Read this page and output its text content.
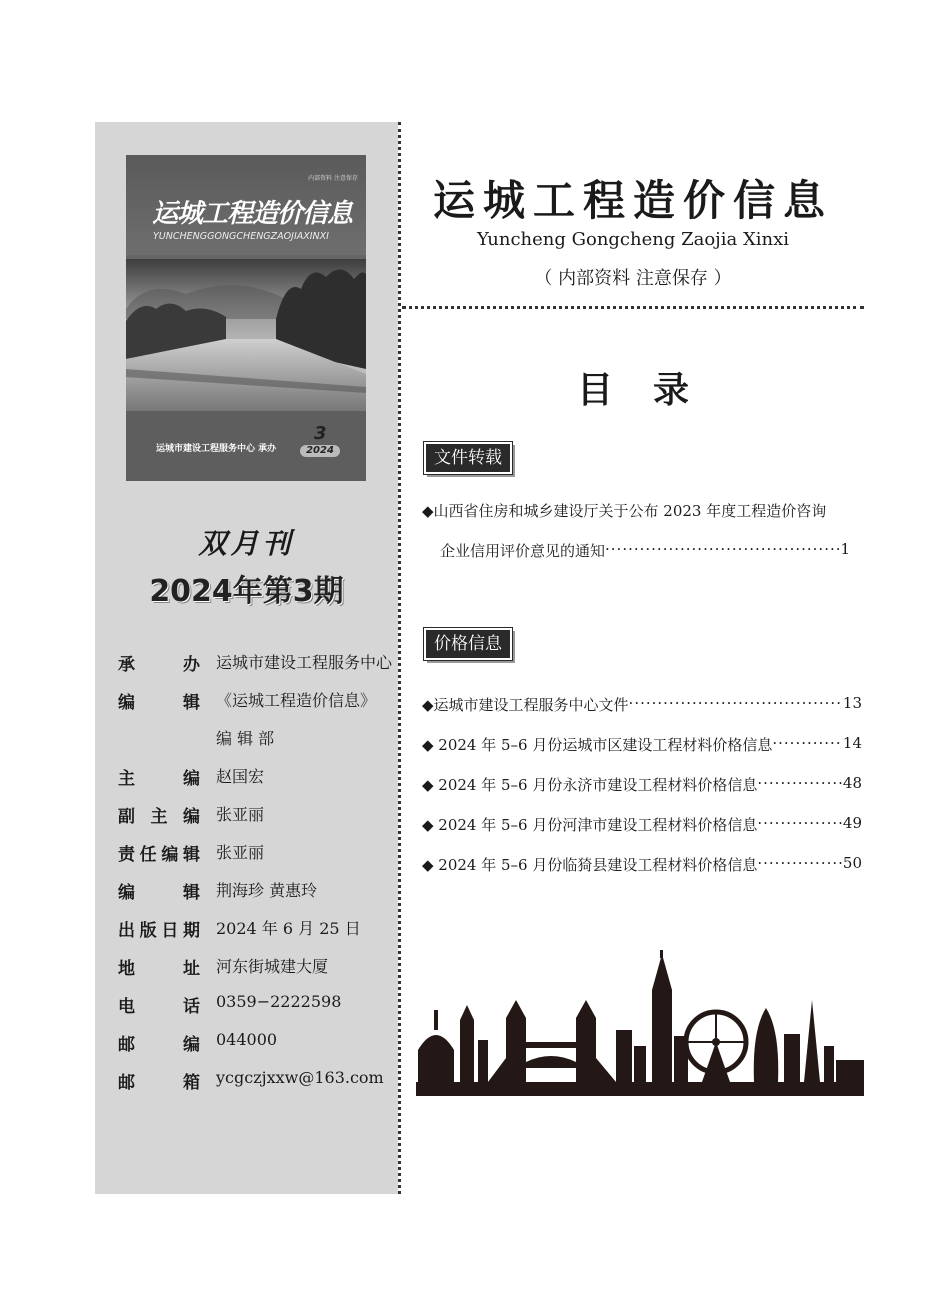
内部资料 注意保存
运城工程造价信息
YUNCHENGGONGCHENGZAOJIAXINXI
运城市建设工程服务中心 承办
3
2024
双月刊
2024年第3期
承办 运城市建设工程服务中心
编辑 《运城工程造价信息》
编 辑 部
主编 赵国宏
副主编 张亚丽
责任编辑 张亚丽
编辑 荆海珍 黄惠玲
出版日期 2024 年 6 月 25 日
地址 河东街城建大厦
电话 0359−2222598
邮编 044000
邮箱 ycgczjxxw@163.com
运城工程造价信息
Yuncheng Gongcheng Zaojia Xinxi
（ 内部资料 注意保存 ）
目录
文件转载
◆山西省住房和城乡建设厅关于公布 2023 年度工程造价咨询
企业信用评价意见的通知 ·····	1
价格信息
◆运城市建设工程服务中心文件 ·····	13
◆ 2024 年 5–6 月份运城市区建设工程材料价格信息 ·····	14
◆ 2024 年 5–6 月份永济市建设工程材料价格信息 ·····	48
◆ 2024 年 5–6 月份河津市建设工程材料价格信息 ·····	49
◆ 2024 年 5–6 月份临猗县建设工程材料价格信息 ·····	50
